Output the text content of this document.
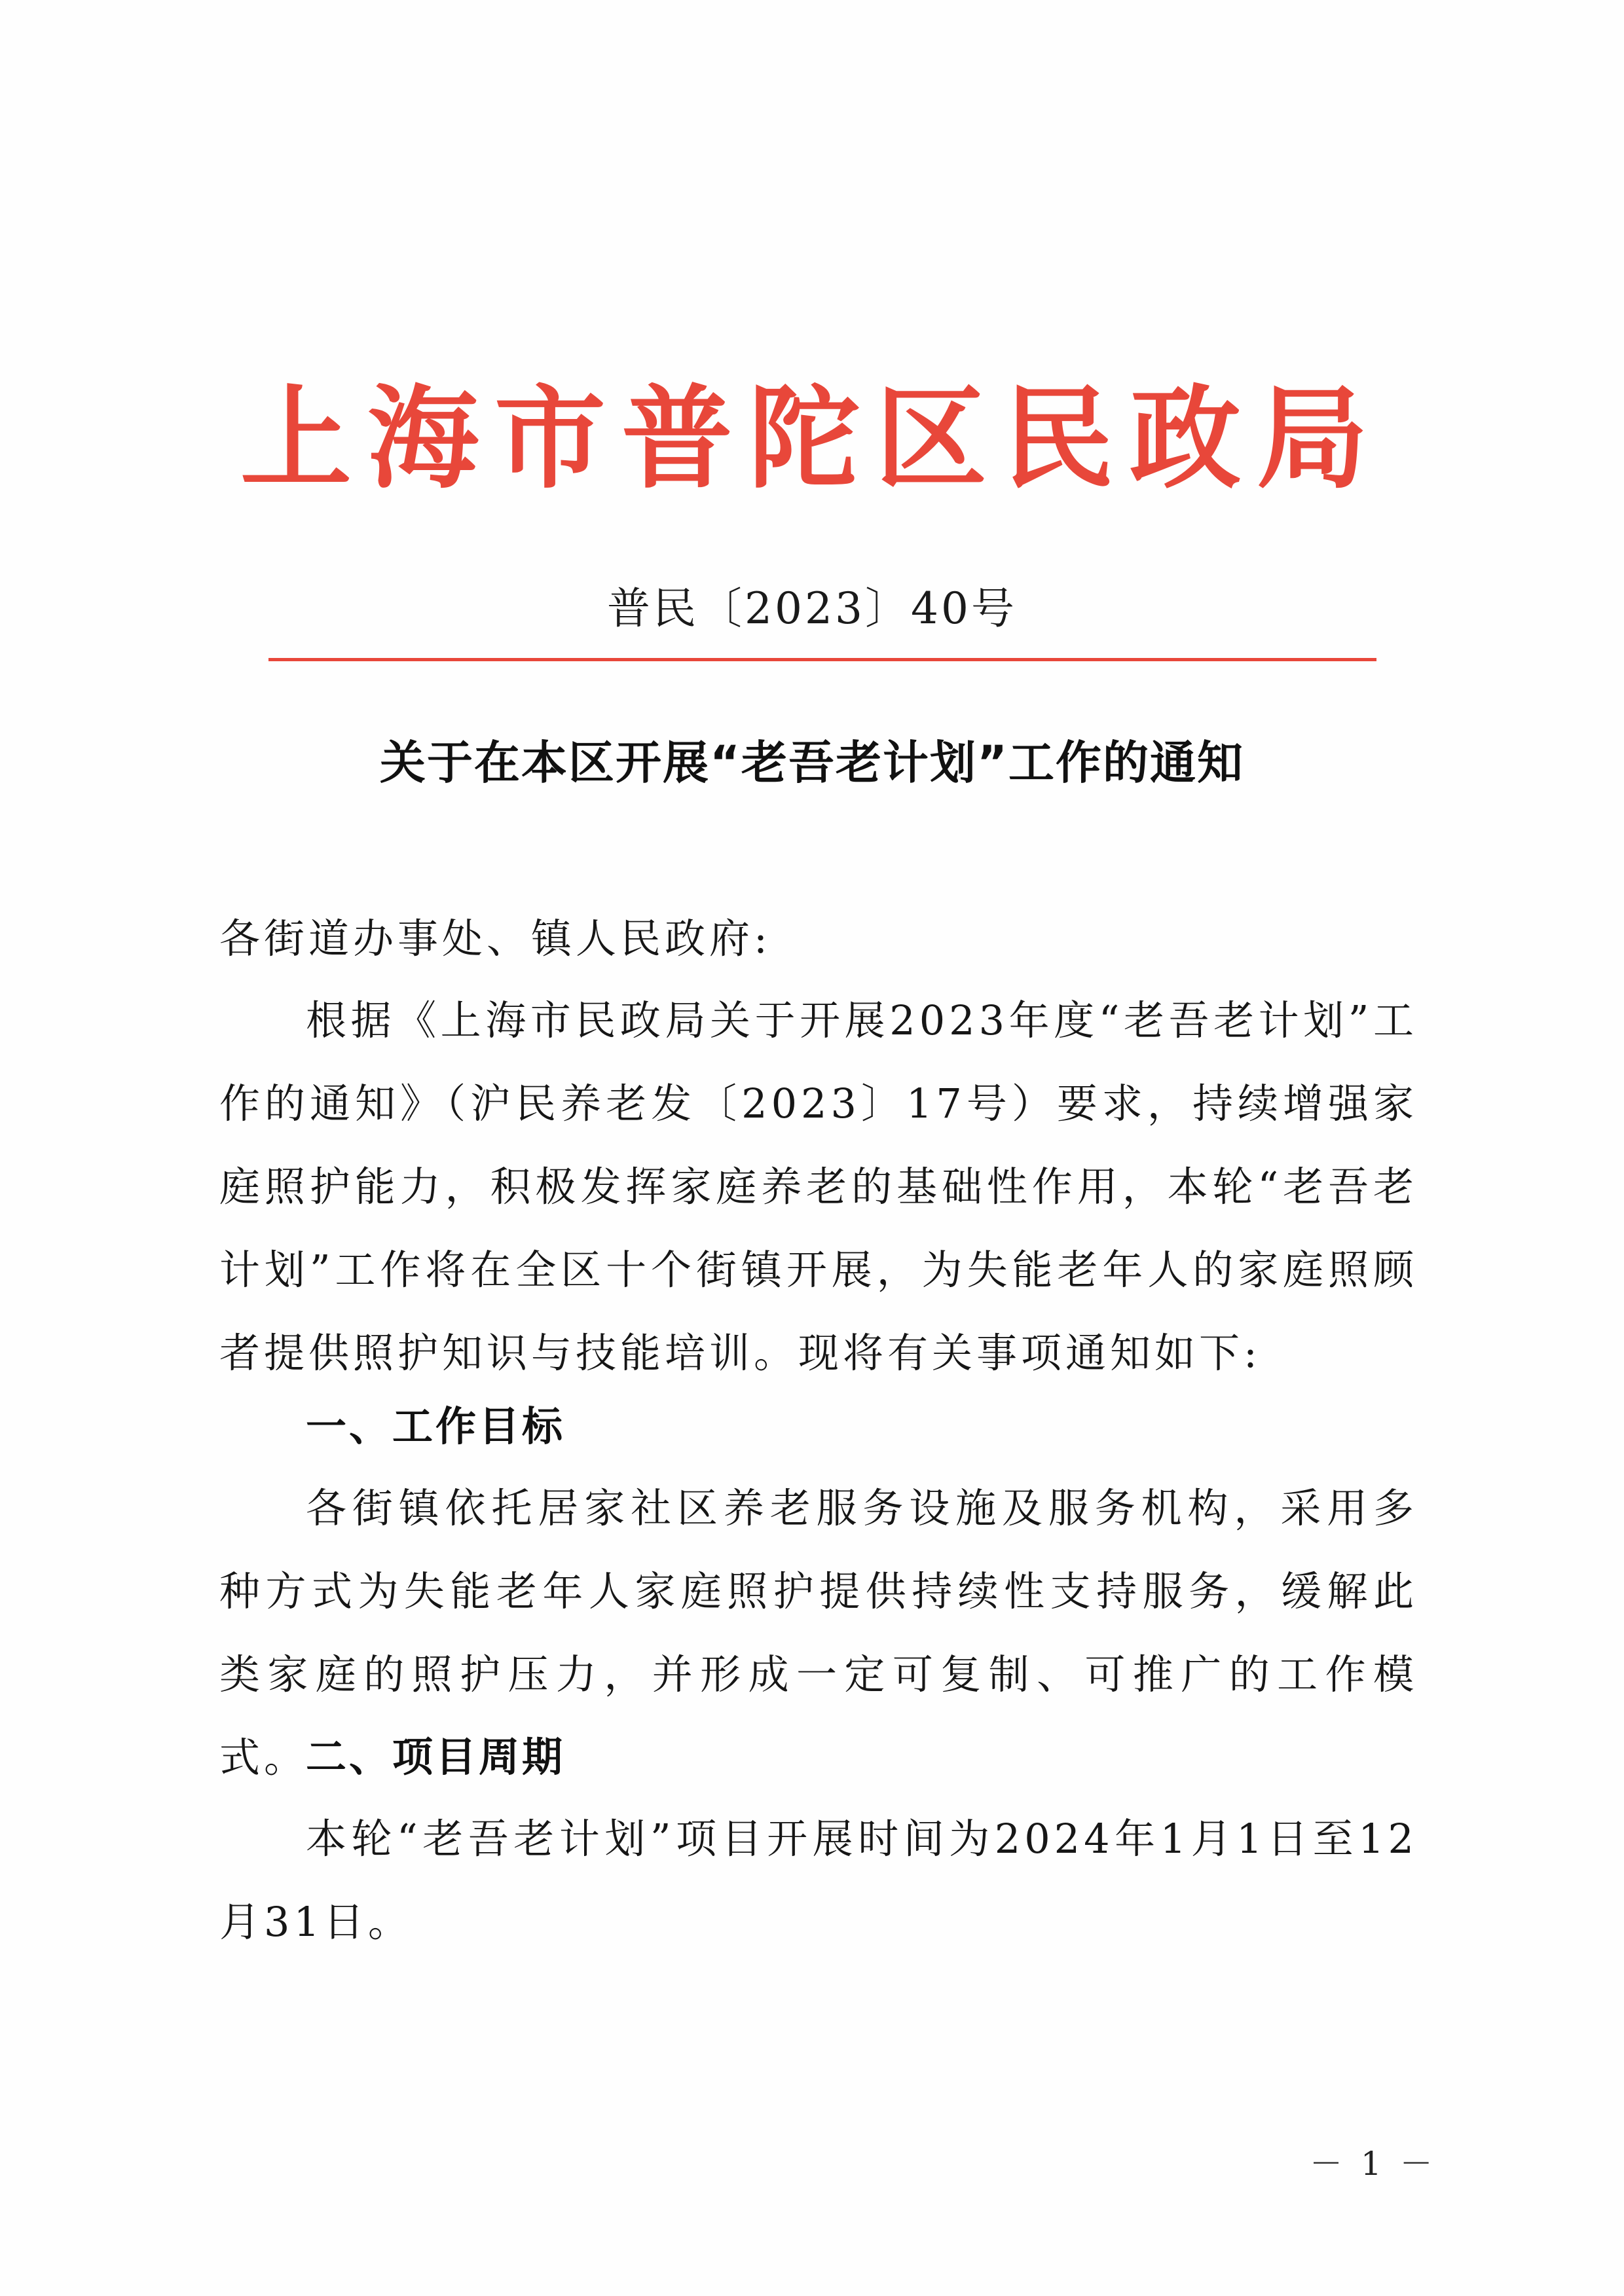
上海市普陀区民政局
普民〔2023〕40号
关于在本区开展“老吾老计划”工作的通知
各街道办事处、镇人民政府:

根据《上海市民政局关于开展2023年度“老吾老计划”工作的通知》（沪民养老发〔2023〕17号）要求，持续增强家庭照护能力，积极发挥家庭养老的基础性作用，本轮“老吾老计划”工作将在全区十个街镇开展，为失能老年人的家庭照顾者提供照护知识与技能培训。现将有关事项通知如下:

一、工作目标

各街镇依托居家社区养老服务设施及服务机构，采用多种方式为失能老年人家庭照护提供持续性支持服务，缓解此类家庭的照护压力，并形成一定可复制、可推广的工作模式。

二、项目周期

本轮“老吾老计划”项目开展时间为2024年1月1日至12月31日。

－ 1 －
